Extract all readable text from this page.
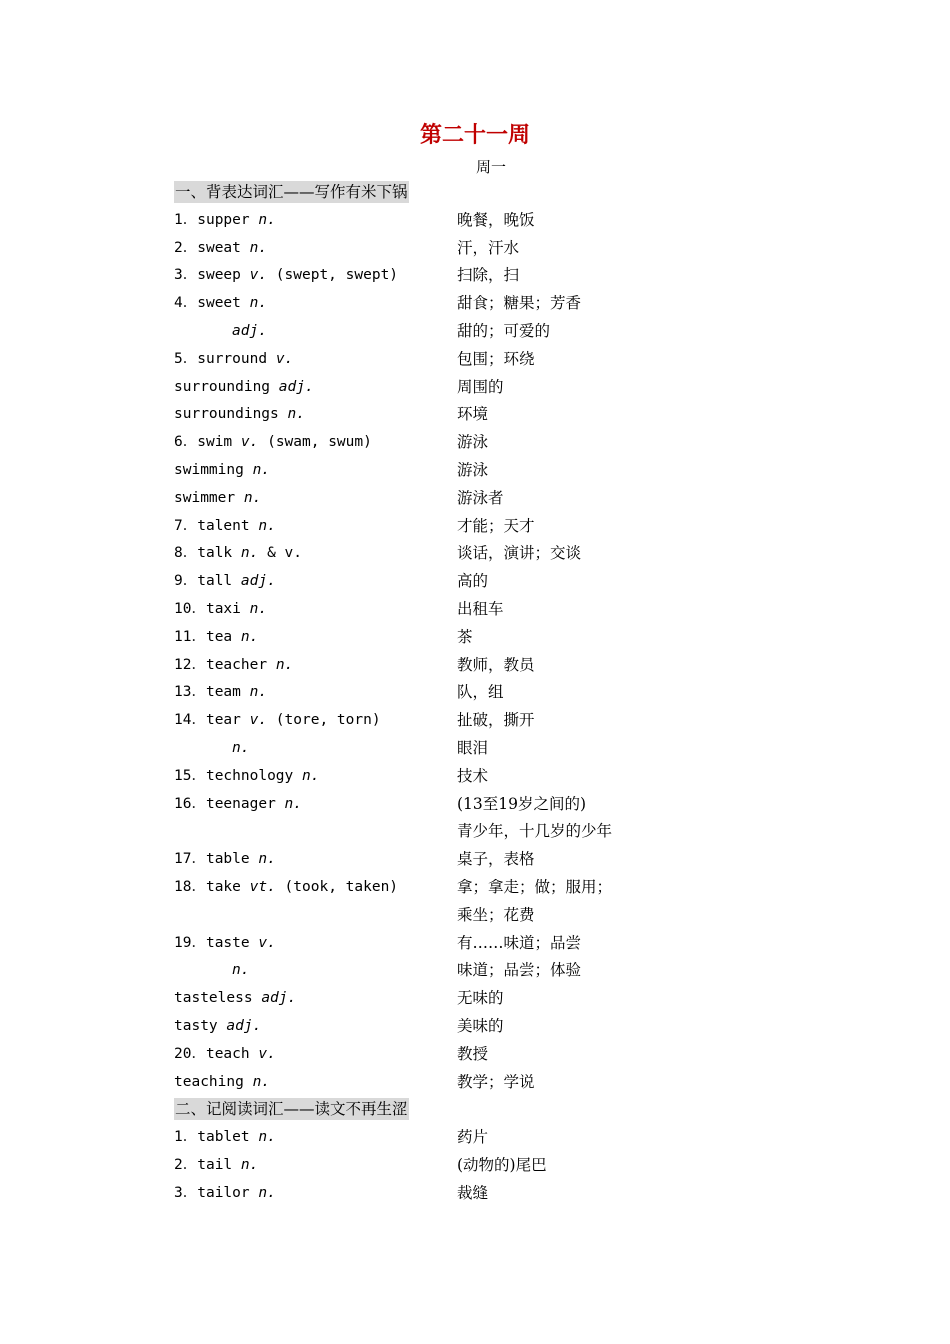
第二十一周
周一
一、背表达词汇——写作有米下锅
1．supper n.	晚餐，晚饭
2．sweat n.	汗，汗水
3．sweep v. (swept, swept)	扫除，扫
4．sweet n.	甜食；糖果；芳香
adj.	甜的；可爱的
5．surround v.	包围；环绕
surrounding adj.	周围的
surroundings n.	环境
6．swim v. (swam, swum)	游泳
swimming n.	游泳
swimmer n.	游泳者
7．talent n.	才能；天才
8．talk n. & v.	谈话，演讲；交谈
9．tall adj.	高的
10．taxi n.	出租车
11．tea n.	茶
12．teacher n.	教师，教员
13．team n.	队，组
14．tear v. (tore, torn)	扯破，撕开
n.	眼泪
15．technology n.	技术
16．teenager n.	(13至19岁之间的)
青少年，十几岁的少年
17．table n.	桌子，表格
18．take vt. (took, taken)	拿；拿走；做；服用；
乘坐；花费
19．taste v.	有……味道；品尝
n.	味道；品尝；体验
tasteless adj.	无味的
tasty adj.	美味的
20．teach v.	教授
teaching n.	教学；学说
二、记阅读词汇——读文不再生涩
1．tablet n.	药片
2．tail n.	(动物的)尾巴
3．tailor n.	裁缝
